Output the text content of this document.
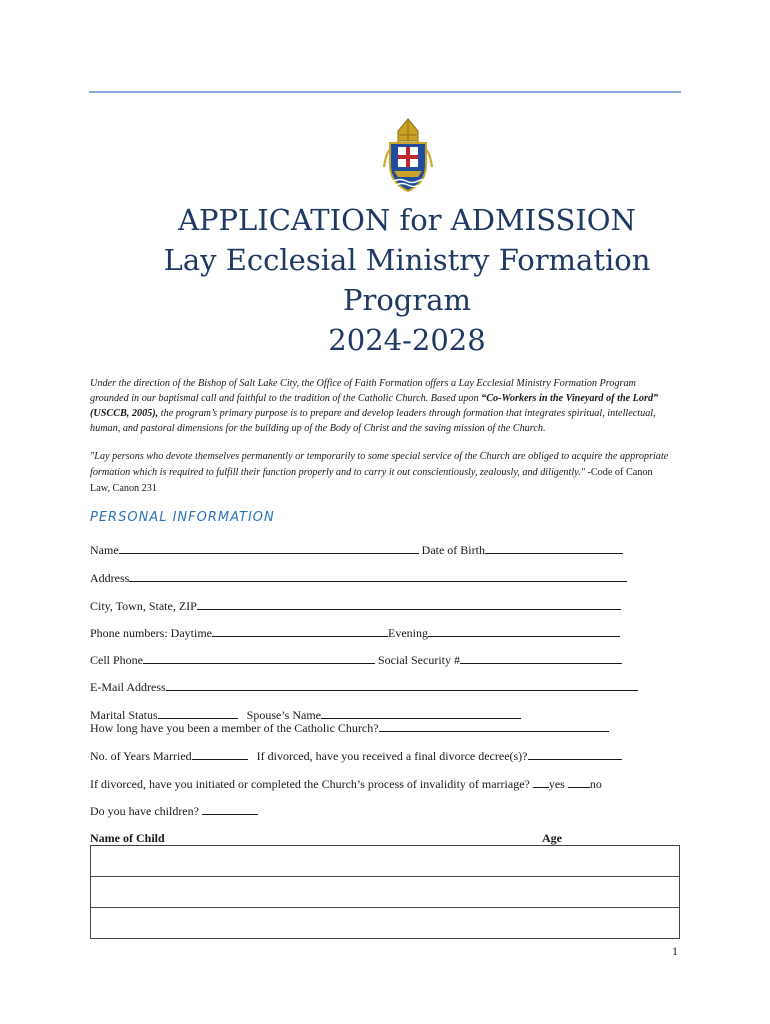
APPLICATION for ADMISSION
Lay Ecclesial Ministry Formation
Program
2024-2028
Under the direction of the Bishop of Salt Lake City, the Office of Faith Formation offers a Lay Ecclesial Ministry Formation Program grounded in our baptismal call and faithful to the tradition of the Catholic Church. Based upon “Co-Workers in the Vineyard of the Lord” (USCCB, 2005), the program’s primary purpose is to prepare and develop leaders through formation that integrates spiritual, intellectual, human, and pastoral dimensions for the building up of the Body of Christ and the saving mission of the Church.
"Lay persons who devote themselves permanently or temporarily to some special service of the Church are obliged to acquire the appropriate formation which is required to fulfill their function properly and to carry it out conscientiously, zealously, and diligently." -Code of Canon Law, Canon 231
PERSONAL INFORMATION
Name	Date of Birth
Address
City, Town, State, ZIP
Phone numbers: Daytime	Evening
Cell Phone	Social Security #
E-Mail Address
Marital Status	Spouse’s Name
How long have you been a member of the Catholic Church?
No. of Years Married	If divorced, have you received a final divorce decree(s)?
If divorced, have you initiated or completed the Church’s process of invalidity of marriage? yes no
Do you have children?
Name of Child	Age

1
